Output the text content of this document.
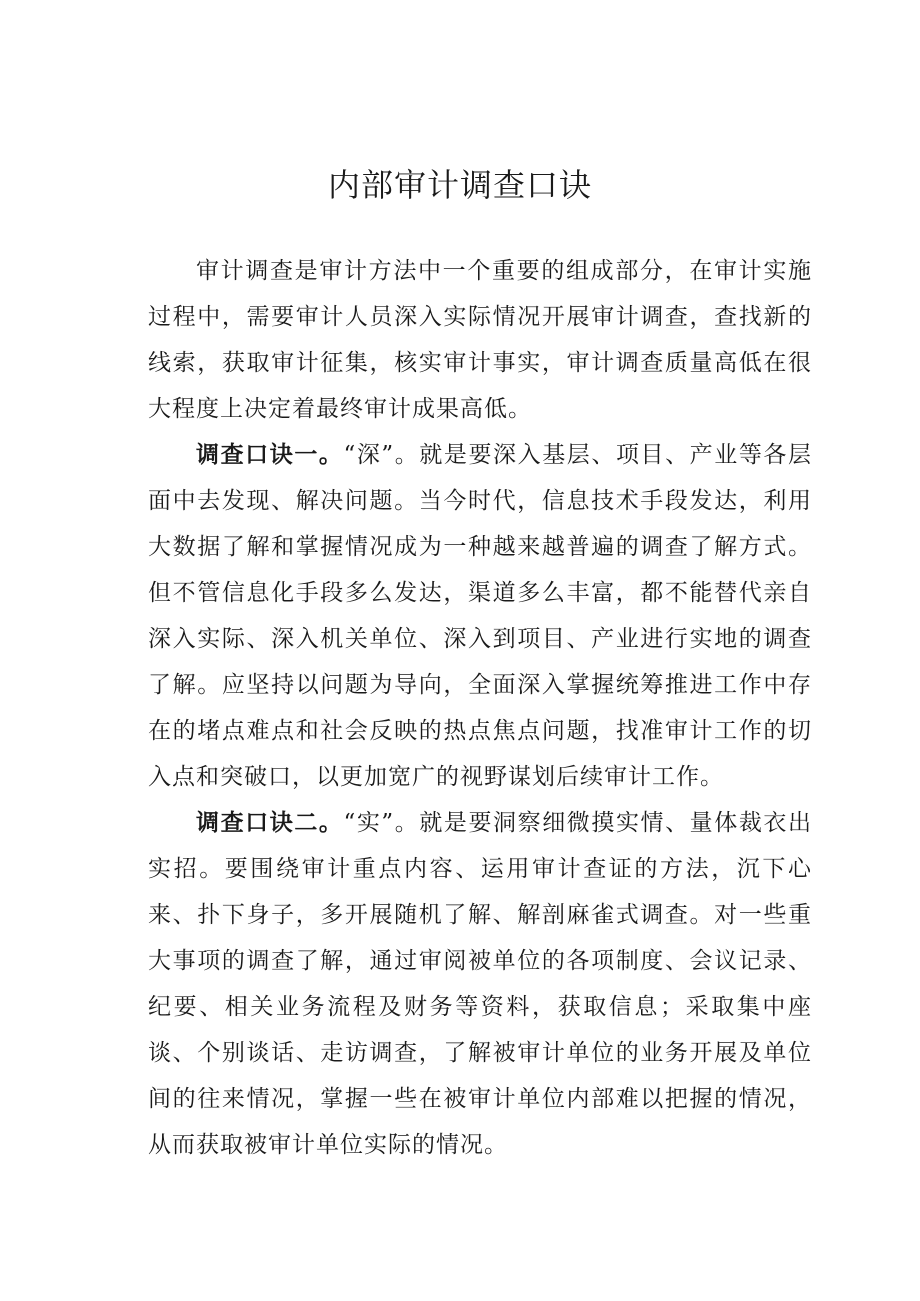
内部审计调查口诀

审计调查是审计方法中一个重要的组成部分，在审计实施过程中，需要审计人员深入实际情况开展审计调查，查找新的线索，获取审计征集，核实审计事实，审计调查质量高低在很大程度上决定着最终审计成果高低。

调查口诀一。“深”。就是要深入基层、项目、产业等各层面中去发现、解决问题。当今时代，信息技术手段发达，利用大数据了解和掌握情况成为一种越来越普遍的调查了解方式。但不管信息化手段多么发达，渠道多么丰富，都不能替代亲自深入实际、深入机关单位、深入到项目、产业进行实地的调查了解。应坚持以问题为导向，全面深入掌握统筹推进工作中存在的堵点难点和社会反映的热点焦点问题，找准审计工作的切入点和突破口，以更加宽广的视野谋划后续审计工作。

调查口诀二。“实”。就是要洞察细微摸实情、量体裁衣出实招。要围绕审计重点内容、运用审计查证的方法，沉下心来、扑下身子，多开展随机了解、解剖麻雀式调查。对一些重大事项的调查了解，通过审阅被单位的各项制度、会议记录、纪要、相关业务流程及财务等资料，获取信息；采取集中座谈、个别谈话、走访调查，了解被审计单位的业务开展及单位间的往来情况，掌握一些在被审计单位内部难以把握的情况，从而获取被审计单位实际的情况。
